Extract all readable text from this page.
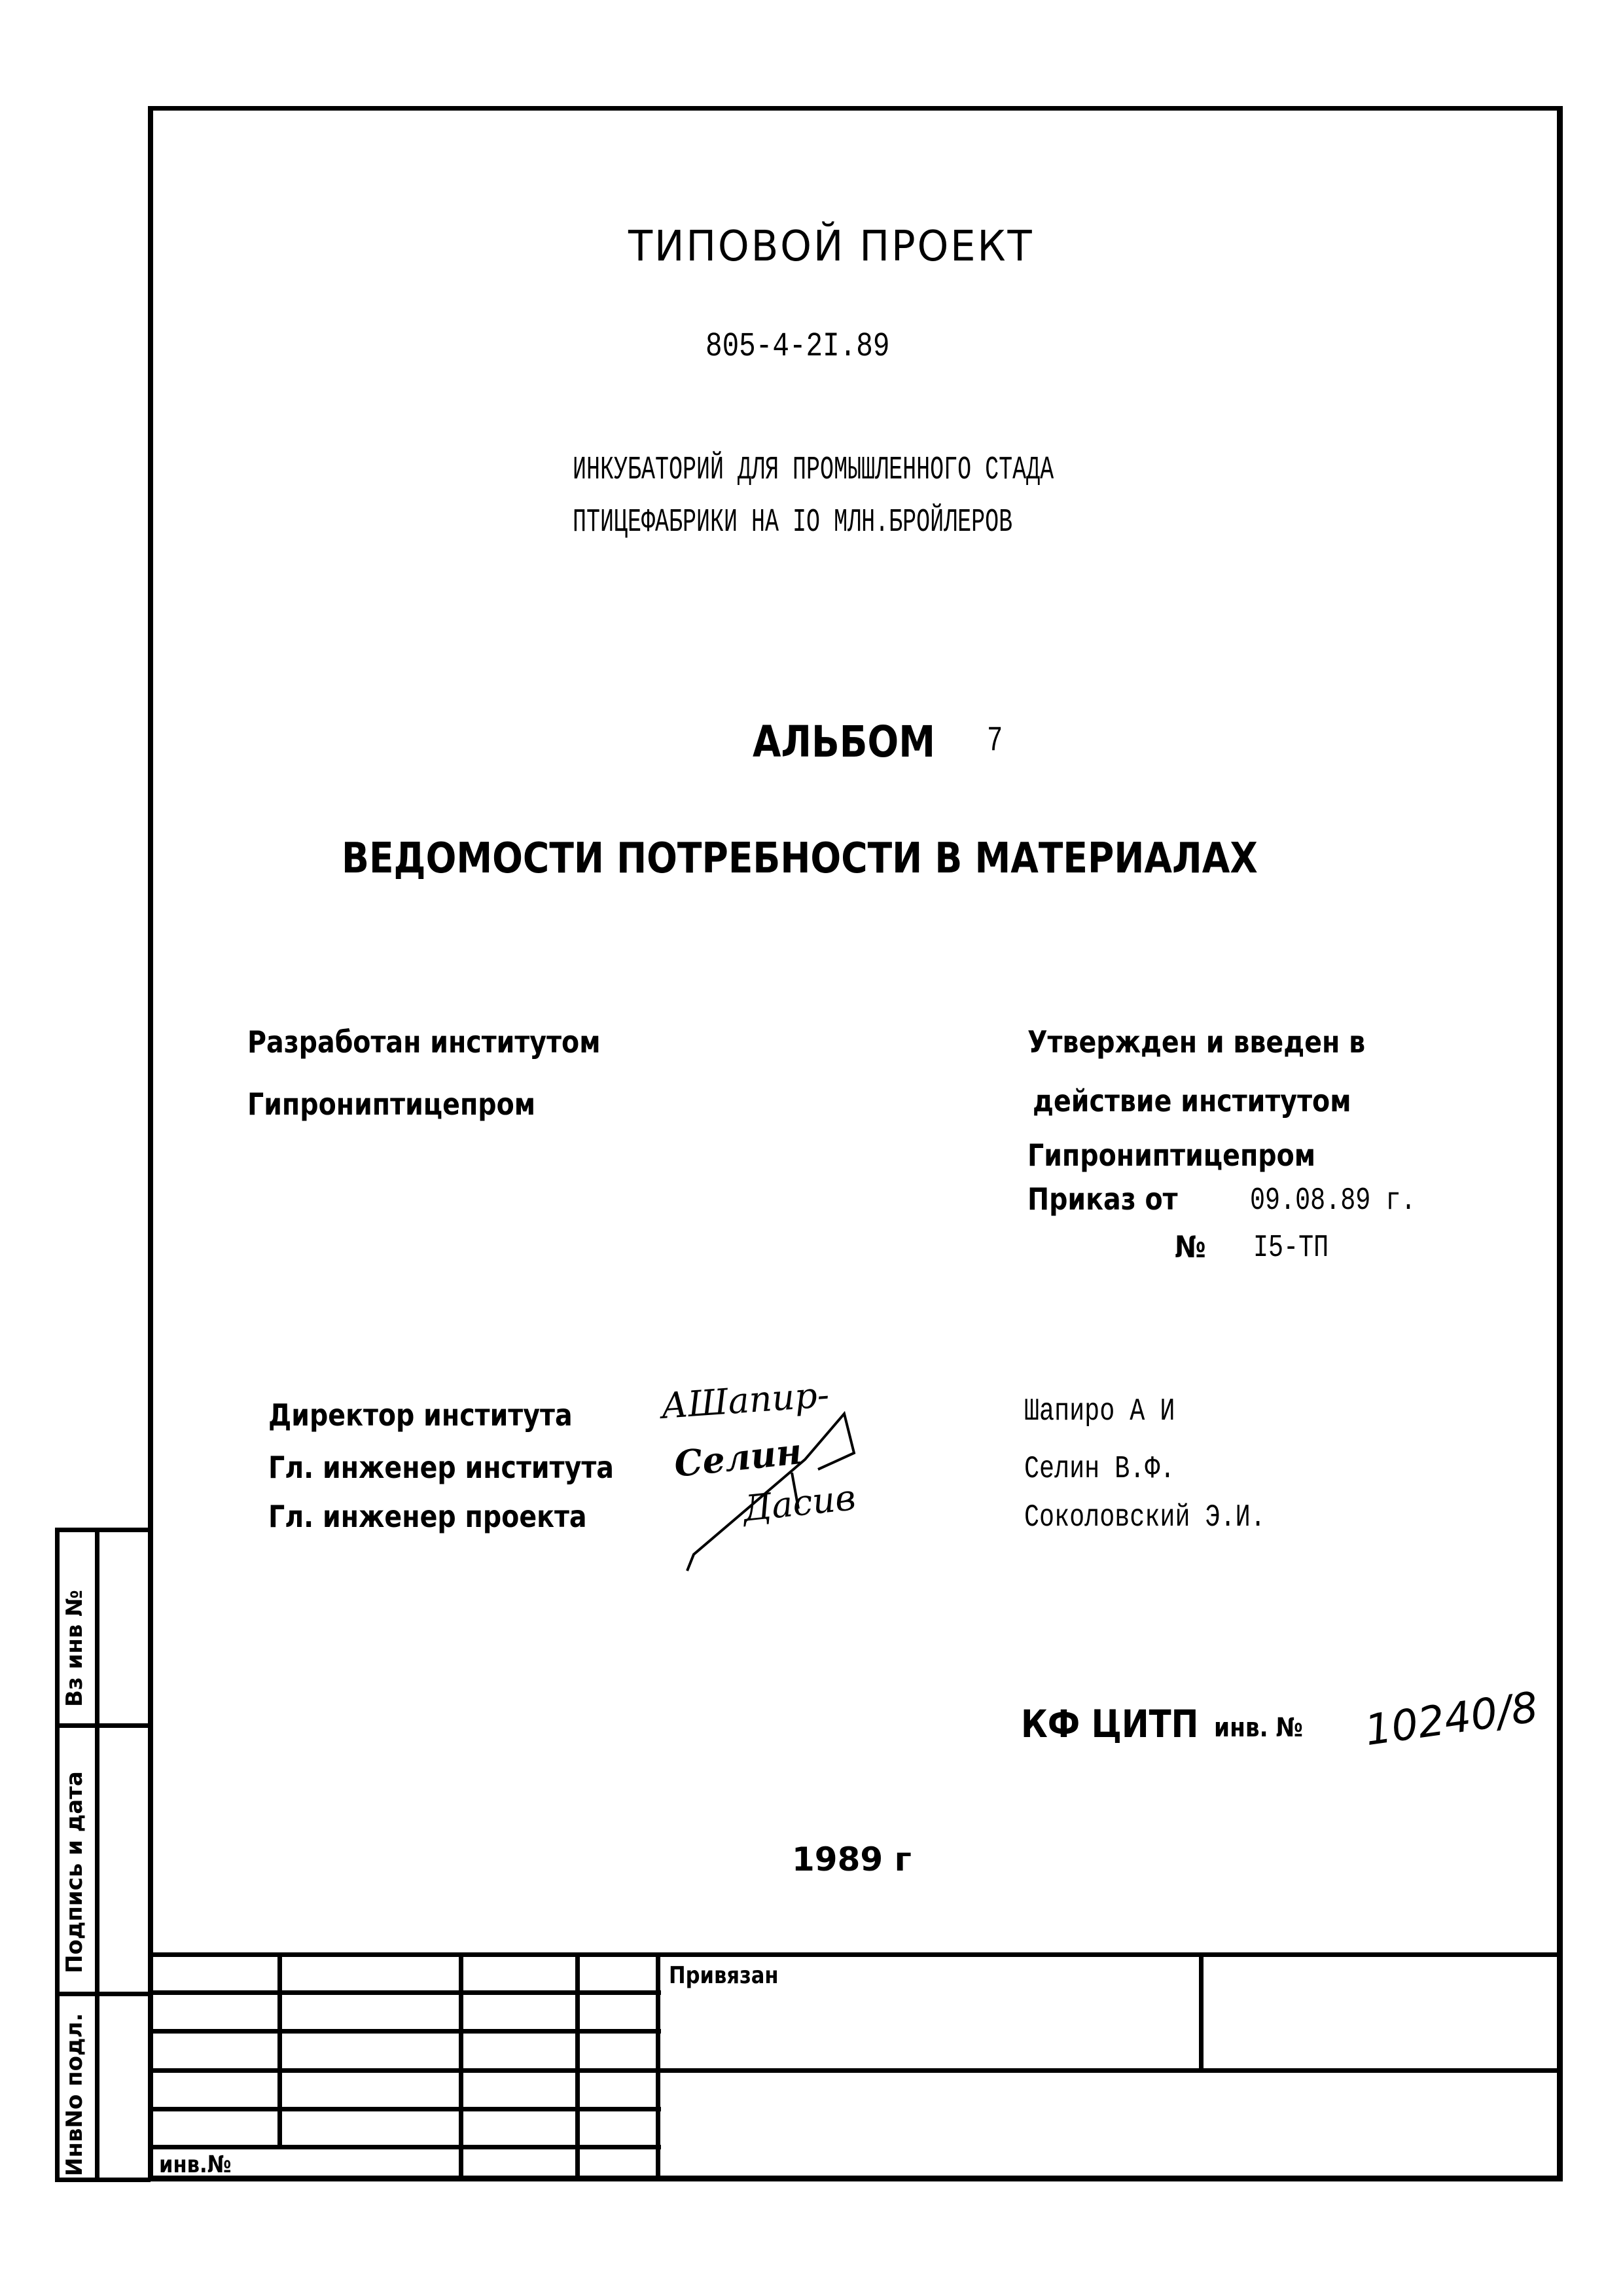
ТИПОВОЙ ПРОЕКТ
805-4-2I.89
ИНКУБАТОРИЙ ДЛЯ ПРОМЫШЛЕННОГО СТАДА
ПТИЦЕФАБРИКИ НА IO МЛН.БРОЙЛЕРОВ
АЛЬБОМ 7
ВЕДОМОСТИ ПОТРЕБНОСТИ В МАТЕРИАЛАХ
Разработан институтом
Гипрониптицепром
Утвержден и введен в
действие институтом
Гипрониптицепром
Приказ от 09.08.89 г.
№ I5-ТП
Директор института АШапир-	Шапиро А И
Гл. инженер института Селин	Селин В.Ф.
Гл. инженер проекта	Дасив	Соколовский Э.И.
КФ ЦИТП инв. № 10240/8
1989 г
Вз инв №
Подпись и дата
ИнвNо подл.	инв.№
Привязан
